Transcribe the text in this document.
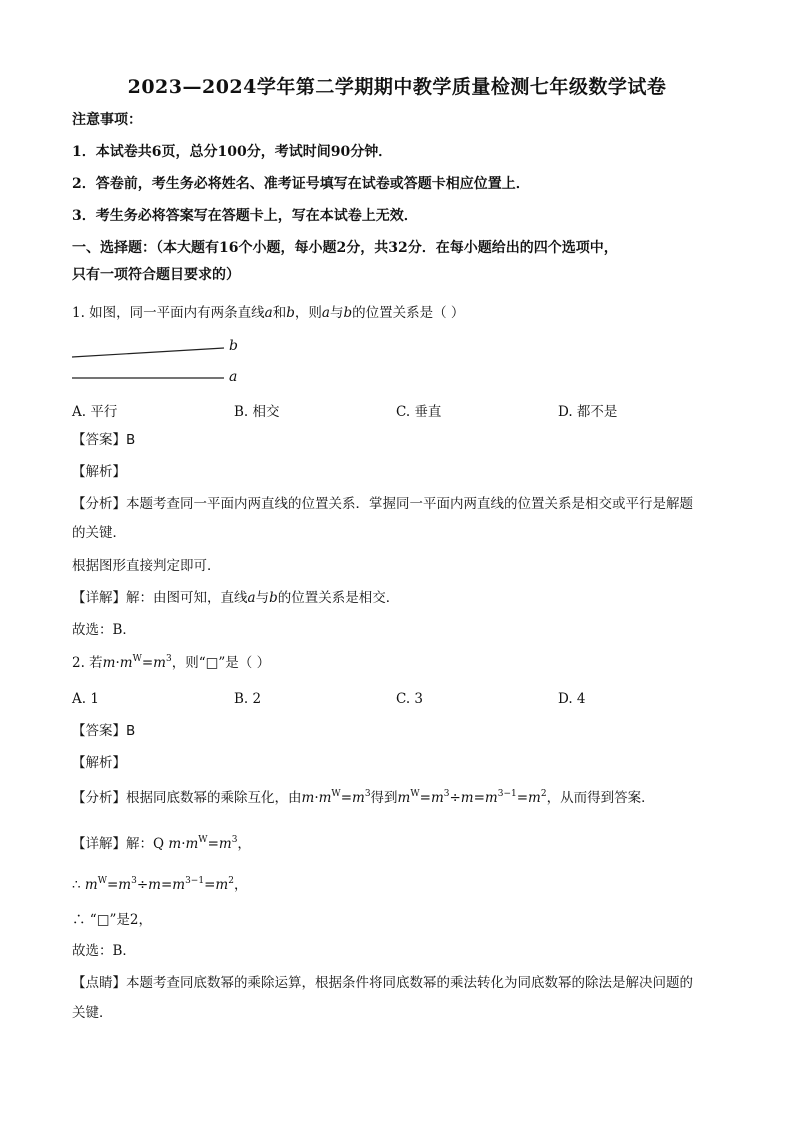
2023—2024学年第二学期期中教学质量检测七年级数学试卷
注意事项：
1．本试卷共6页，总分100分，考试时间90分钟．
2．答卷前，考生务必将姓名、准考证号填写在试卷或答题卡相应位置上．
3．考生务必将答案写在答题卡上，写在本试卷上无效．
一、选择题：（本大题有16个小题，每小题2分，共32分．在每小题给出的四个选项中，
只有一项符合题目要求的）
1. 如图，同一平面内有两条直线a和b，则a与b的位置关系是（ ）
b
a
A. 平行	B. 相交	C. 垂直	D. 都不是
【答案】B
【解析】
【分析】本题考查同一平面内两直线的位置关系．掌握同一平面内两直线的位置关系是相交或平行是解题
的关键．
根据图形直接判定即可．
【详解】解：由图可知，直线a与b的位置关系是相交．
故选：B．
2. 若$m\cdot m^W=m^3$，则“□”是（ ）
A. 1	B. 2	C. 3	D. 4
【答案】B
【解析】
【分析】根据同底数幂的乘除互化，由$m\cdot m^W=m^3$得到$m^W=m^3\div m=m^{3-1}=m^2$，从而得到答案．
【详解】解：Q $m\cdot m^W=m^3$，
∴ $m^W=m^3\div m=m^{3-1}=m^2$，
∴ “□”是2，
故选：B．
【点睛】本题考查同底数幂的乘除运算，根据条件将同底数幂的乘法转化为同底数幂的除法是解决问题的
关键．
